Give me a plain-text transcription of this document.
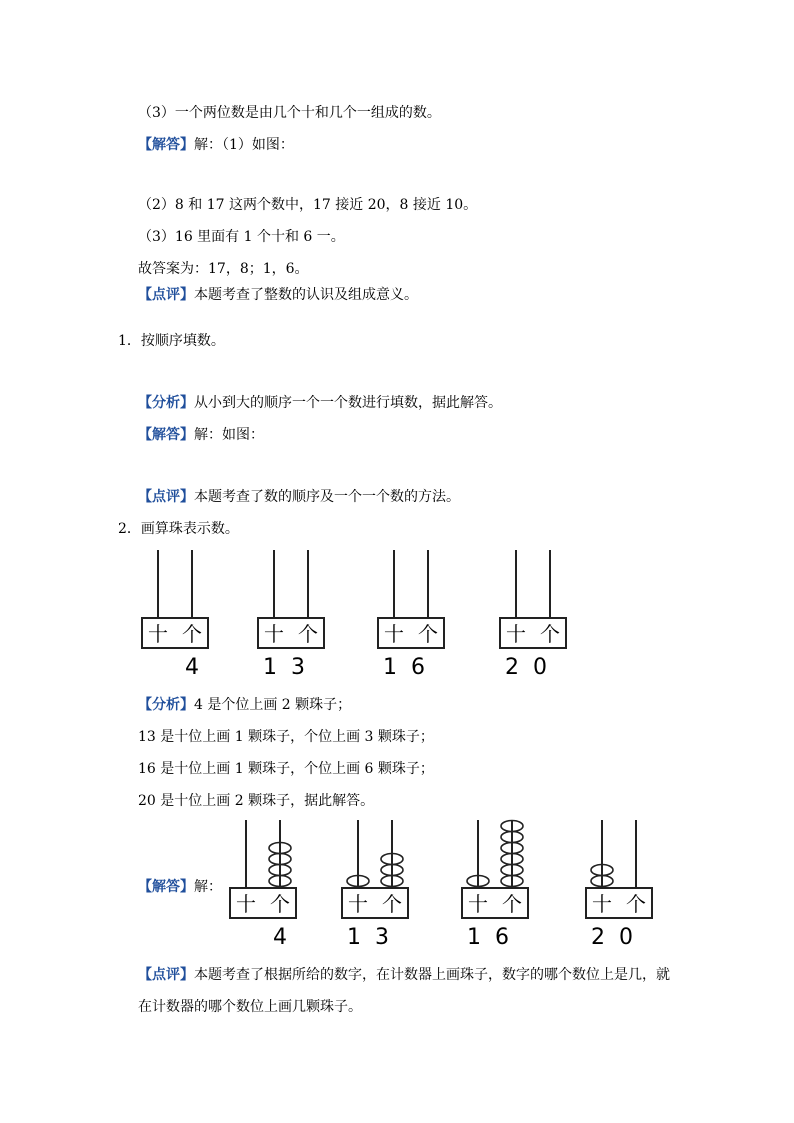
（3）一个两位数是由几个十和几个一组成的数。
【解答】解：（1）如图：
（2）8 和 17 这两个数中，17 接近 20，8 接近 10。
（3）16 里面有 1 个十和 6 一。
故答案为：17，8；1，6。
【点评】本题考查了整数的认识及组成意义。
1．按顺序填数。
【分析】从小到大的顺序一个一个数进行填数，据此解答。
【解答】解：如图：
【点评】本题考查了数的顺序及一个一个数的方法。
2．画算珠表示数。
十 个
4
十 个
13
十 个
16
十 个
20
【分析】4 是个位上画 2 颗珠子；
13 是十位上画 1 颗珠子，个位上画 3 颗珠子；
16 是十位上画 1 颗珠子，个位上画 6 颗珠子；
20 是十位上画 2 颗珠子，据此解答。
【解答】解：
十 个
4
十 个
13
十 个
16
十 个
20
【点评】本题考查了根据所给的数字，在计数器上画珠子，数字的哪个数位上是几，就
在计数器的哪个数位上画几颗珠子。
